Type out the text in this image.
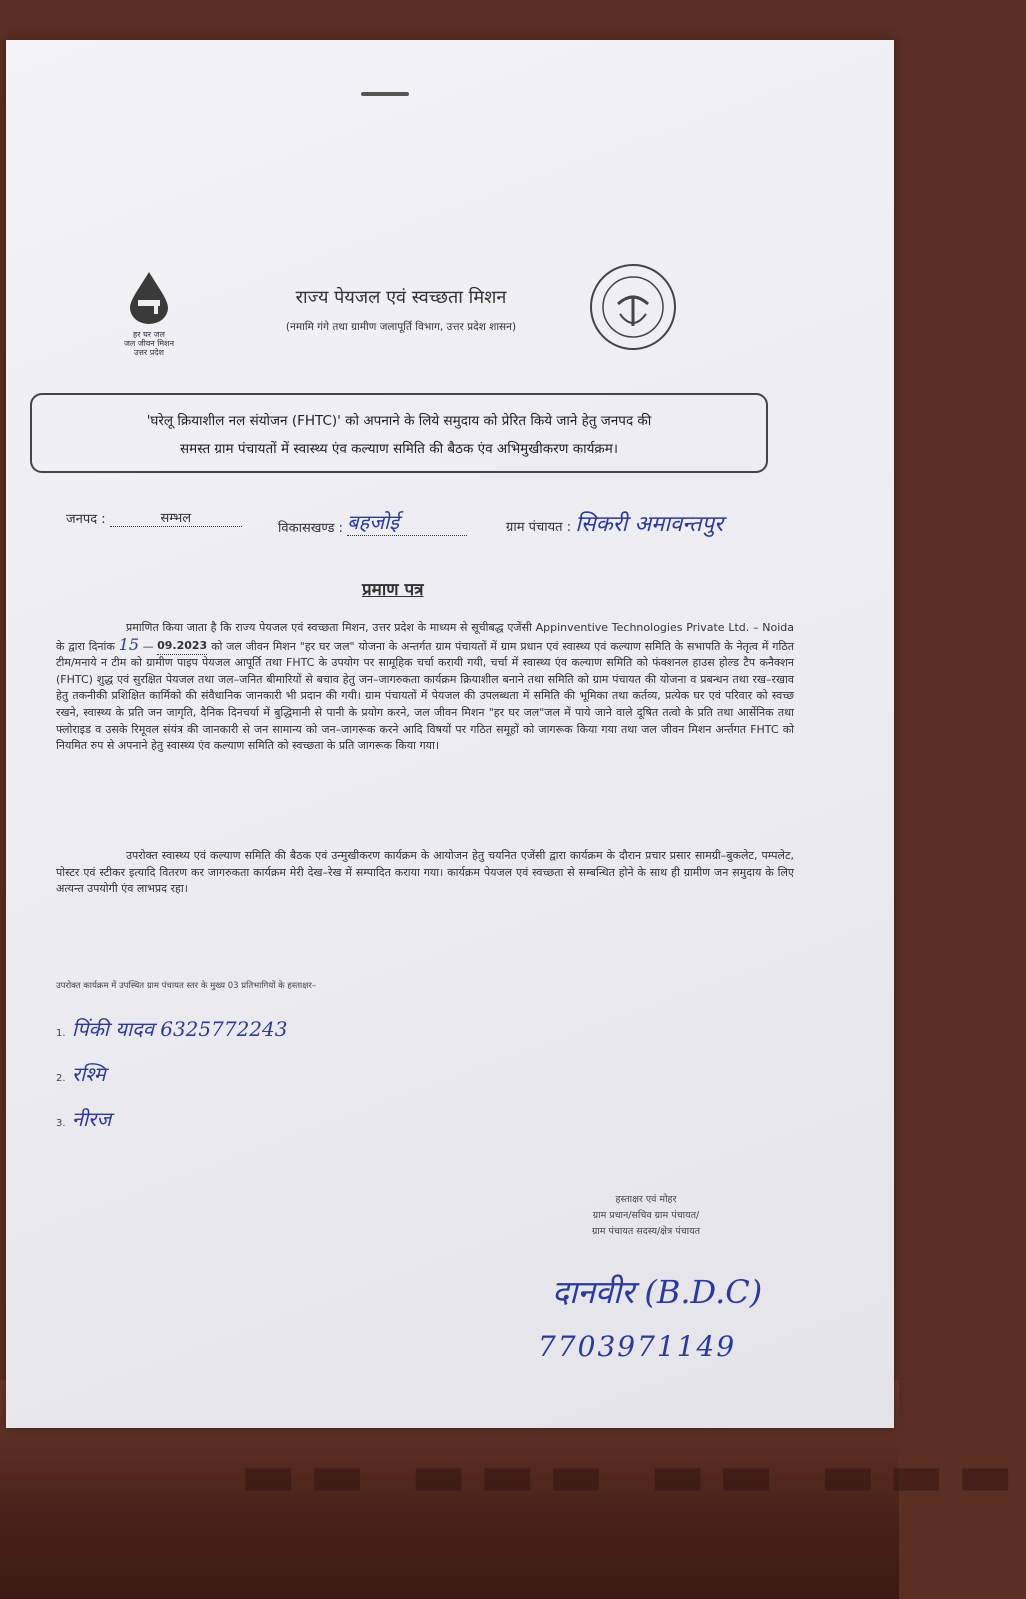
▬▬ ▬▬▬ ▬▬ ▬▬▬
हर घर जल
जल जीवन मिशन
उत्तर प्रदेश
राज्य पेयजल एवं स्वच्छता मिशन
(नमामि गंगे तथा ग्रामीण जलापूर्ति विभाग, उत्तर प्रदेश शासन)
'घरेलू क्रियाशील नल संयोजन (FHTC)' को अपनाने के लिये समुदाय को प्रेरित किये जाने हेतु जनपद की
समस्त ग्राम पंचायतों में स्वास्थ्य एंव कल्याण समिति की बैठक एंव अभिमुखीकरण कार्यक्रम।
जनपद :	सम्भल
विकासखण्ड : बहजोई	ग्राम पंचायत : सिकरी अमावन्तपुर
प्रमाण पत्र
प्रमाणित किया जाता है कि राज्य पेयजल एवं स्वच्छता मिशन, उत्तर प्रदेश के माध्यम से सूचीबद्ध एजेंसी Appinventive Technologies Private Ltd. – Noida के द्वारा दिनांक 15 — 09.2023 को जल जीवन मिशन "हर घर जल" योजना के अन्तर्गत ग्राम पंचायतों में ग्राम प्रधान एवं स्वास्थ्य एवं कल्याण समिति के सभापति के नेतृत्व में गठित टीम/मनाये न टीम को ग्रामीण पाइप पेयजल आपूर्ति तथा FHTC के उपयोग पर सामूहिक चर्चा करायी गयी, चर्चा में स्वास्थ्य एंव कल्याण समिति को फंक्शनल हाउस होल्ड टैप कनैक्शन (FHTC) शुद्ध एवं सुरक्षित पेयजल तथा जल–जनित बीमारियों से बचाव हेतु जन–जागरुकता कार्यक्रम क्रियाशील बनाने तथा समिति को ग्राम पंचायत की योजना व प्रबन्धन तथा रख–रखाव हेतु तकनीकी प्रशिक्षित कार्मिको की संवैधानिक जानकारी भी प्रदान की गयी। ग्राम पंचायतों में पेयजल की उपलब्धता में समिति की भूमिका तथा कर्तव्य, प्रत्येक घर एवं परिवार को स्वच्छ रखने, स्वास्थ्य के प्रति जन जागृति, दैनिक दिनचर्या में बुद्धिमानी से पानी के प्रयोग करने, जल जीवन मिशन "हर घर जल"जल में पाये जाने वाले दूषित तत्वो के प्रति तथा आर्सेनिक तथा फ्लोराइड व उसके रिमूवल संयंत्र की जानकारी से जन सामान्य को जन–जागरूक करने आदि विषयों पर गठित समूहों को जागरूक किया गया तथा जल जीवन मिशन अर्न्तगत FHTC को नियमित रुप से अपनाने हेतु स्वास्थ्य एंव कल्याण समिति को स्वच्छता के प्रति जागरूक किया गया।
उपरोक्त स्वास्थ्य एवं कल्याण समिति की बैठक एवं उन्मुखीकरण कार्यक्रम के आयोजन हेतु चयनित एजेंसी द्वारा कार्यक्रम के दौरान प्रचार प्रसार सामग्री–बुकलेट, पम्पलेट, पोस्टर एवं स्टीकर इत्यादि वितरण कर जागरुकता कार्यक्रम मेरी देख–रेख में सम्पादित कराया गया। कार्यक्रम पेयजल एवं स्वच्छता से सम्बन्धित होने के साथ ही ग्रामीण जन समुदाय के लिए अत्यन्त उपयोगी एंव लाभप्रद रहा।
उपरोक्त कार्यक्रम में उपस्थित ग्राम पंचायत स्तर के मुख्य 03 प्रतिभागियों के हस्ताक्षर–
1. पिंकी यादव 6325772243
2. रश्मि
3. नीरज
हस्ताक्षर एवं मोहर
ग्राम प्रधान/सचिव ग्राम पंचायत/
ग्राम पंचायत सदस्य/क्षेत्र पंचायत
दानवीर (B.D.C)
7703971149
